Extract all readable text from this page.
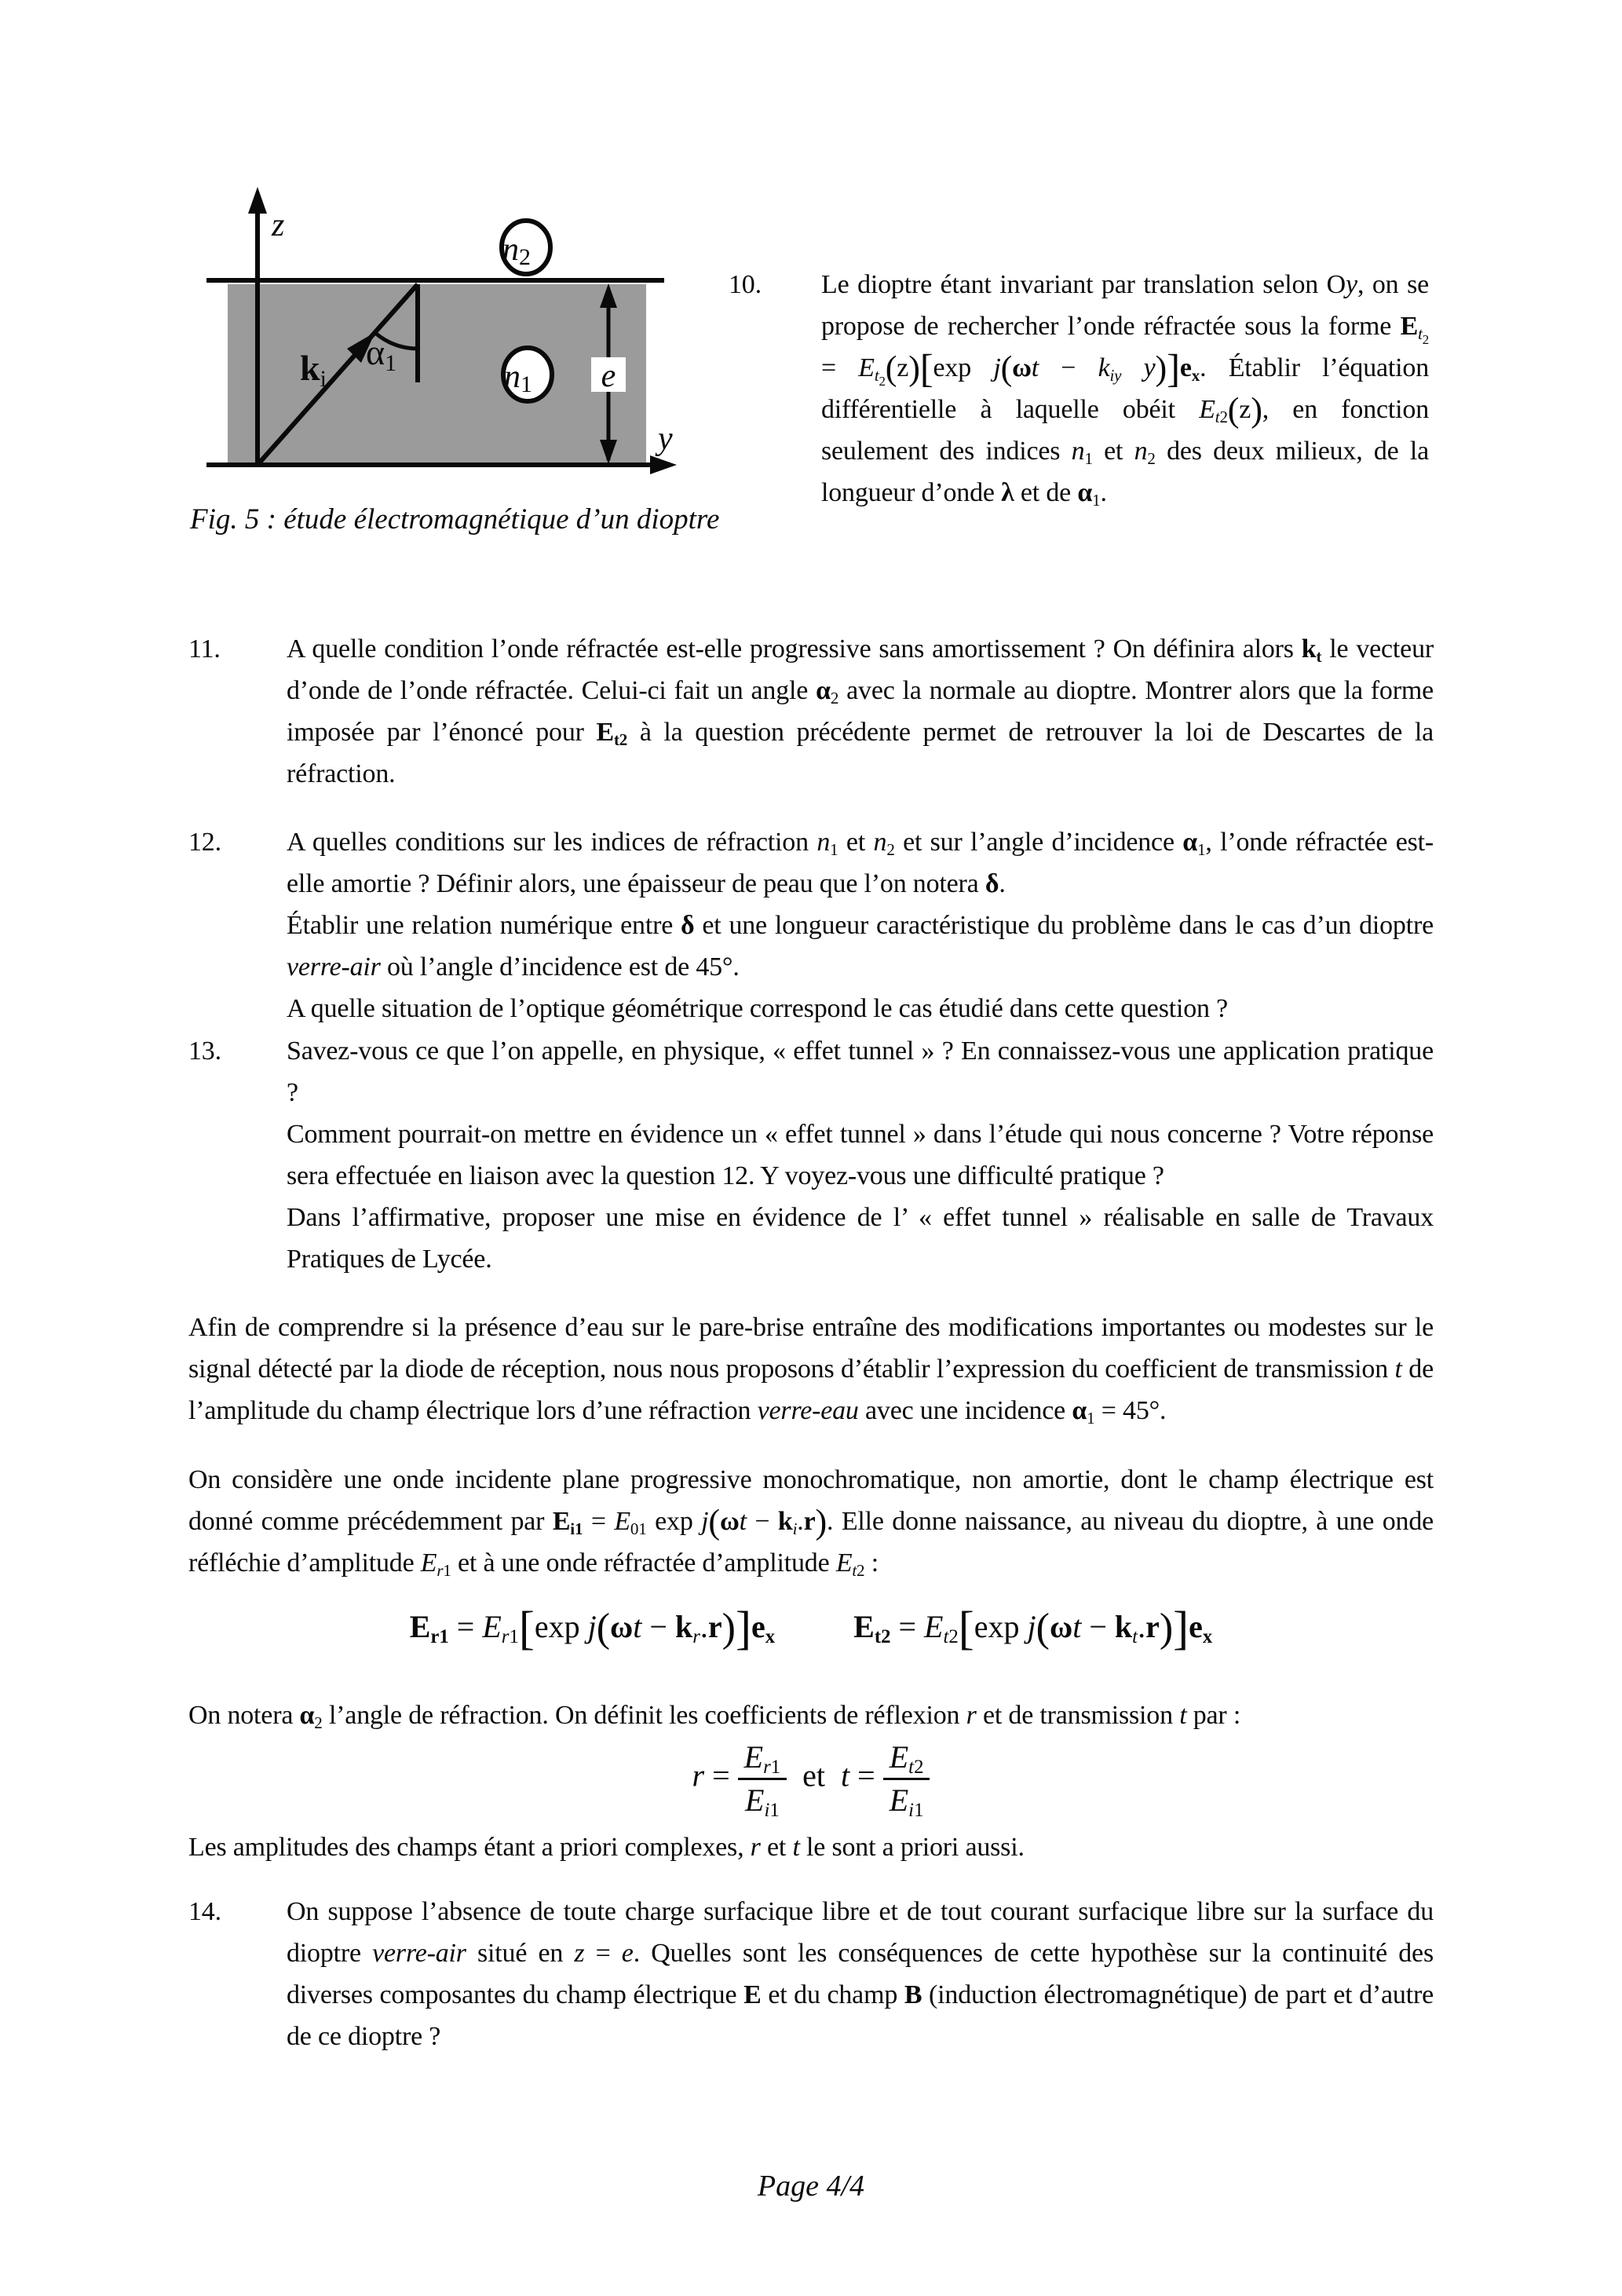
n2
n1 e
z
y
ki
α1
Fig. 5 : étude électromagnétique d’un dioptre
10.	Le dioptre étant invariant par translation selon Oy, on se propose de rechercher l’onde réfractée sous la forme $E_{t_2} = E_{t_2}(z)[\exp$ $j(\omega t - k_{iy}$ $y)]e_x$. Établir l’équation différentielle à laquelle obéit $E_{t2}(z)$, en fonction seulement des indices $n_1$ et $n_2$ des deux milieux, de la longueur d’onde λ et de $\alpha_1$.
11.	A quelle condition l’onde réfractée est-elle progressive sans amortissement ? On définira alors $k_t$ le vecteur d’onde de l’onde réfractée. Celui-ci fait un angle $\alpha_2$ avec la normale au dioptre. Montrer alors que la forme imposée par l’énoncé pour $E_{t2}$ à la question précédente permet de retrouver la loi de Descartes de la réfraction.
12.	A quelles conditions sur les indices de réfraction $n_1$ et $n_2$ et sur l’angle d’incidence $\alpha_1$, l’onde réfractée est-elle amortie ? Définir alors, une épaisseur de peau que l’on notera δ.
Établir une relation numérique entre δ et une longueur caractéristique du problème dans le cas d’un dioptre verre-air où l’angle d’incidence est de 45°.
A quelle situation de l’optique géométrique correspond le cas étudié dans cette question ?
13.	Savez-vous ce que l’on appelle, en physique, « effet tunnel » ? En connaissez-vous une application pratique ?
Comment pourrait-on mettre en évidence un « effet tunnel » dans l’étude qui nous concerne ? Votre réponse sera effectuée en liaison avec la question 12. Y voyez-vous une difficulté pratique ?
Dans l’affirmative, proposer une mise en évidence de l’ « effet tunnel » réalisable en salle de Travaux Pratiques de Lycée.
Afin de comprendre si la présence d’eau sur le pare-brise entraîne des modifications importantes ou modestes sur le signal détecté par la diode de réception, nous nous proposons d’établir l’expression du coefficient de transmission t de l’amplitude du champ électrique lors d’une réfraction verre-eau avec une incidence $\alpha_1 = 45^\circ$.
On considère une onde incidente plane progressive monochromatique, non amortie, dont le champ électrique est donné comme précédemment par $E_{i1} = E_{01}$ $\exp j(\omega t - k_i.r)$. Elle donne naissance, au niveau du dioptre, à une onde réfléchie d’amplitude $E_{r1}$ et à une onde réfractée d’amplitude $E_{t2}$ :
$E_{r1} = E_{r1}[\exp$ $j(\omega t - k_r.r)]e_x$	$E_{t2} = E_{t2}[\exp$ $j(\omega t - k_t.r)]e_x$
On notera $\alpha_2$ l’angle de réfraction. On définit les coefficients de réflexion r et de transmission t par :
$r = \frac{E_{r1}}{E_{i1}}$ et  $t = \frac{E_{t2}}{E_{i1}}$
Les amplitudes des champs étant a priori complexes, r et t le sont a priori aussi.
14.	On suppose l’absence de toute charge surfacique libre et de tout courant surfacique libre sur la surface du dioptre verre-air situé en z = e. Quelles sont les conséquences de cette hypothèse sur la continuité des diverses composantes du champ électrique E et du champ B (induction électromagnétique) de part et d’autre de ce dioptre ?
Page 4/4
